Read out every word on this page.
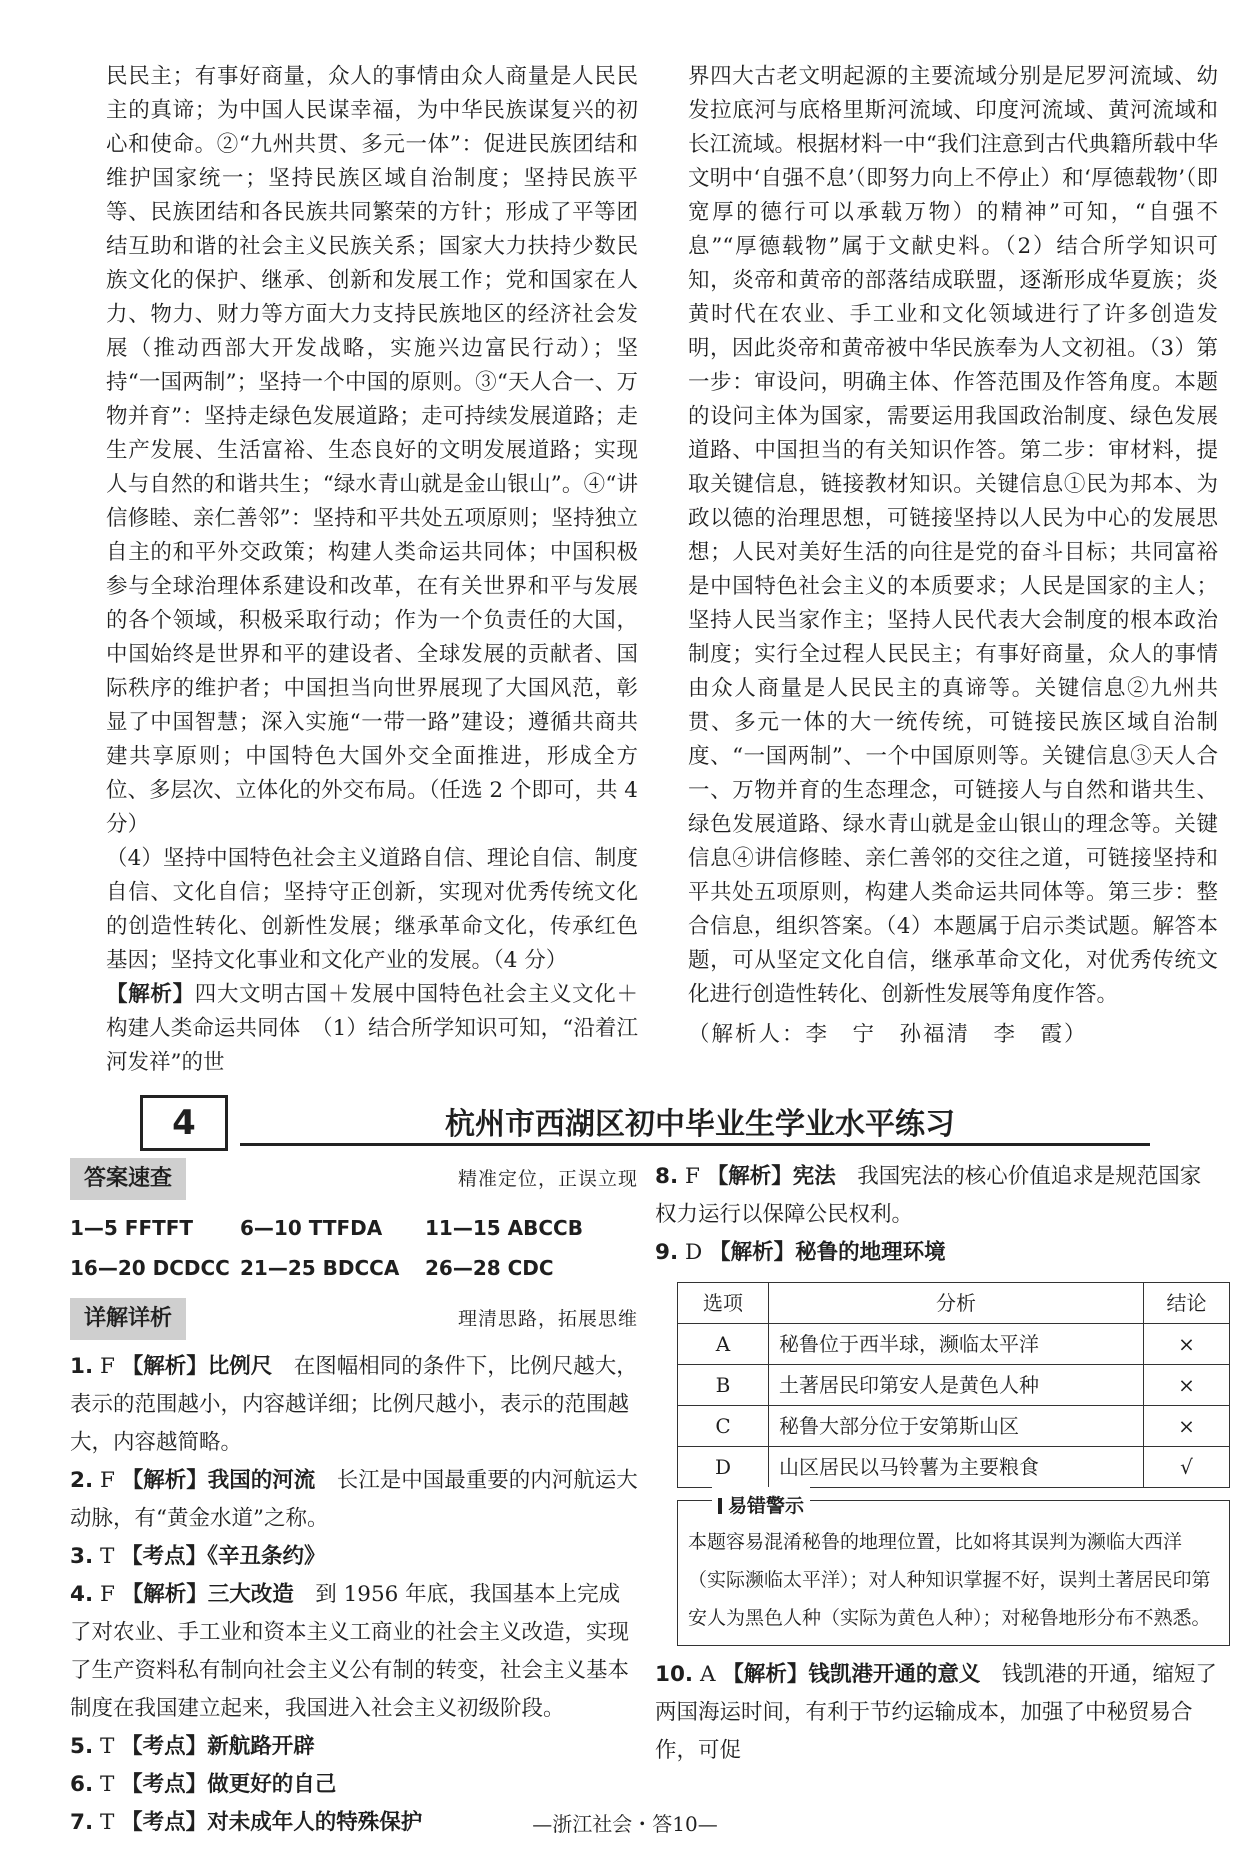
民民主；有事好商量，众人的事情由众人商量是人民民主的真谛；为中国人民谋幸福，为中华民族谋复兴的初心和使命。②“九州共贯、多元一体”：促进民族团结和维护国家统一；坚持民族区域自治制度；坚持民族平等、民族团结和各民族共同繁荣的方针；形成了平等团结互助和谐的社会主义民族关系；国家大力扶持少数民族文化的保护、继承、创新和发展工作；党和国家在人力、物力、财力等方面大力支持民族地区的经济社会发展（推动西部大开发战略，实施兴边富民行动）；坚持“一国两制”；坚持一个中国的原则。③“天人合一、万物并育”：坚持走绿色发展道路；走可持续发展道路；走生产发展、生活富裕、生态良好的文明发展道路；实现人与自然的和谐共生；“绿水青山就是金山银山”。④“讲信修睦、亲仁善邻”：坚持和平共处五项原则；坚持独立自主的和平外交政策；构建人类命运共同体；中国积极参与全球治理体系建设和改革，在有关世界和平与发展的各个领域，积极采取行动；作为一个负责任的大国，中国始终是世界和平的建设者、全球发展的贡献者、国际秩序的维护者；中国担当向世界展现了大国风范，彰显了中国智慧；深入实施“一带一路”建设；遵循共商共建共享原则；中国特色大国外交全面推进，形成全方位、多层次、立体化的外交布局。（任选 2 个即可，共 4 分）

（4）坚持中国特色社会主义道路自信、理论自信、制度自信、文化自信；坚持守正创新，实现对优秀传统文化的创造性转化、创新性发展；继承革命文化，传承红色基因；坚持文化事业和文化产业的发展。（4 分）

【解析】四大文明古国＋发展中国特色社会主义文化＋构建人类命运共同体　（1）结合所学知识可知，“沿着江河发祥”的世

界四大古老文明起源的主要流域分别是尼罗河流域、幼发拉底河与底格里斯河流域、印度河流域、黄河流域和长江流域。根据材料一中“我们注意到古代典籍所载中华文明中‘自强不息’（即努力向上不停止）和‘厚德载物’（即宽厚的德行可以承载万物）的精神”可知，“自强不息”“厚德载物”属于文献史料。（2）结合所学知识可知，炎帝和黄帝的部落结成联盟，逐渐形成华夏族；炎黄时代在农业、手工业和文化领域进行了许多创造发明，因此炎帝和黄帝被中华民族奉为人文初祖。（3）第一步：审设问，明确主体、作答范围及作答角度。本题的设问主体为国家，需要运用我国政治制度、绿色发展道路、中国担当的有关知识作答。第二步：审材料，提取关键信息，链接教材知识。关键信息①民为邦本、为政以德的治理思想，可链接坚持以人民为中心的发展思想；人民对美好生活的向往是党的奋斗目标；共同富裕是中国特色社会主义的本质要求；人民是国家的主人；坚持人民当家作主；坚持人民代表大会制度的根本政治制度；实行全过程人民民主；有事好商量，众人的事情由众人商量是人民民主的真谛等。关键信息②九州共贯、多元一体的大一统传统，可链接民族区域自治制度、“一国两制”、一个中国原则等。关键信息③天人合一、万物并育的生态理念，可链接人与自然和谐共生、绿色发展道路、绿水青山就是金山银山的理念等。关键信息④讲信修睦、亲仁善邻的交往之道，可链接坚持和平共处五项原则，构建人类命运共同体等。第三步：整合信息，组织答案。（4）本题属于启示类试题。解答本题，可从坚定文化自信，继承革命文化，对优秀传统文化进行创造性转化、创新性发展等角度作答。

（解析人：李　宁　孙福清　李　霞）

4	杭州市西湖区初中毕业生学业水平练习
答案速查	精准定位，正误立现
1—5 FFTFT	6—10 TTFDA	11—15 ABCCB
16—20 DCDCC 21—25 BDCCA	26—28 CDC
详解详析	理清思路，拓展思维

1. F 【解析】比例尺　在图幅相同的条件下，比例尺越大，表示的范围越小，内容越详细；比例尺越小，表示的范围越大，内容越简略。

2. F 【解析】我国的河流　长江是中国最重要的内河航运大动脉，有“黄金水道”之称。

3. T 【考点】《辛丑条约》

4. F 【解析】三大改造　到 1956 年底，我国基本上完成了对农业、手工业和资本主义工商业的社会主义改造，实现了生产资料私有制向社会主义公有制的转变，社会主义基本制度在我国建立起来，我国进入社会主义初级阶段。

5. T 【考点】新航路开辟

6. T 【考点】做更好的自己

7. T 【考点】对未成年人的特殊保护

8. F 【解析】宪法　我国宪法的核心价值追求是规范国家权力运行以保障公民权利。

9. D 【解析】秘鲁的地理环境

选项	分析	结论
A	秘鲁位于西半球，濒临太平洋	×
B	土著居民印第安人是黄色人种	×
C	秘鲁大部分位于安第斯山区	×
D	山区居民以马铃薯为主要粮食	√
易错警示
本题容易混淆秘鲁的地理位置，比如将其误判为濒临大西洋（实际濒临太平洋）；对人种知识掌握不好，误判土著居民印第安人为黑色人种（实际为黄色人种）；对秘鲁地形分布不熟悉。

10. A 【解析】钱凯港开通的意义　钱凯港的开通，缩短了两国海运时间，有利于节约运输成本，加强了中秘贸易合作，可促

—浙江社会・答10—
